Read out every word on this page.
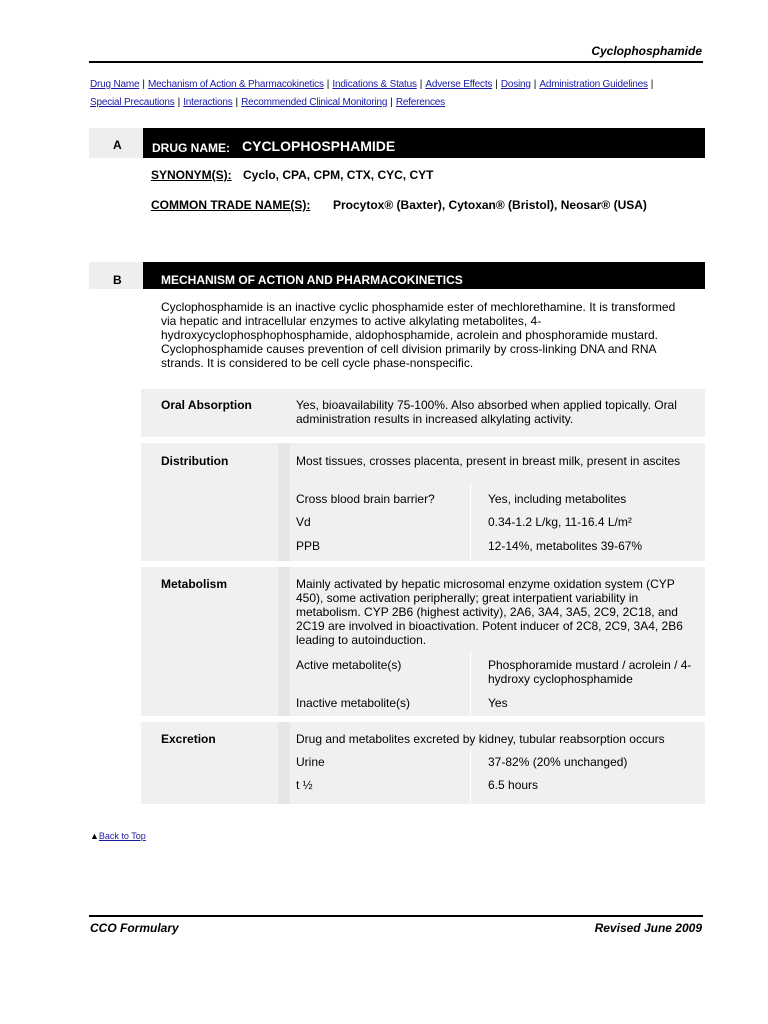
Cyclophosphamide
Drug Name | Mechanism of Action & Pharmacokinetics | Indications & Status | Adverse Effects | Dosing | Administration Guidelines |
Special Precautions | Interactions | Recommended Clinical Monitoring | References
A	DRUG NAME: CYCLOPHOSPHAMIDE
SYNONYM(S): Cyclo, CPA, CPM, CTX, CYC, CYT
COMMON TRADE NAME(S): Procytox® (Baxter), Cytoxan® (Bristol), Neosar® (USA)
B	MECHANISM OF ACTION AND PHARMACOKINETICS
Cyclophosphamide is an inactive cyclic phosphamide ester of mechlorethamine. It is transformed via hepatic and intracellular enzymes to active alkylating metabolites, 4-hydroxycyclophosphophosphamide, aldophosphamide, acrolein and phosphoramide mustard. Cyclophosphamide causes prevention of cell division primarily by cross-linking DNA and RNA strands. It is considered to be cell cycle phase-nonspecific.
Oral Absorption	Yes, bioavailability 75-100%. Also absorbed when applied topically. Oral administration results in increased alkylating activity.
Distribution	Most tissues, crosses placenta, present in breast milk, present in ascites
Cross blood brain barrier?	Yes, including metabolites
Vd	0.34-1.2 L/kg, 11-16.4 L/m²
PPB	12-14%, metabolites 39-67%
Metabolism	Mainly activated by hepatic microsomal enzyme oxidation system (CYP 450), some activation peripherally; great interpatient variability in metabolism. CYP 2B6 (highest activity), 2A6, 3A4, 3A5, 2C9, 2C18, and 2C19 are involved in bioactivation. Potent inducer of 2C8, 2C9, 3A4, 2B6 leading to autoinduction.
Active metabolite(s)	Phosphoramide mustard / acrolein / 4-hydroxy cyclophosphamide
Inactive metabolite(s)	Yes
Excretion	Drug and metabolites excreted by kidney, tubular reabsorption occurs
Urine	37-82% (20% unchanged)
t ½	6.5 hours
▲Back to Top
CCO Formulary	Revised June 2009
